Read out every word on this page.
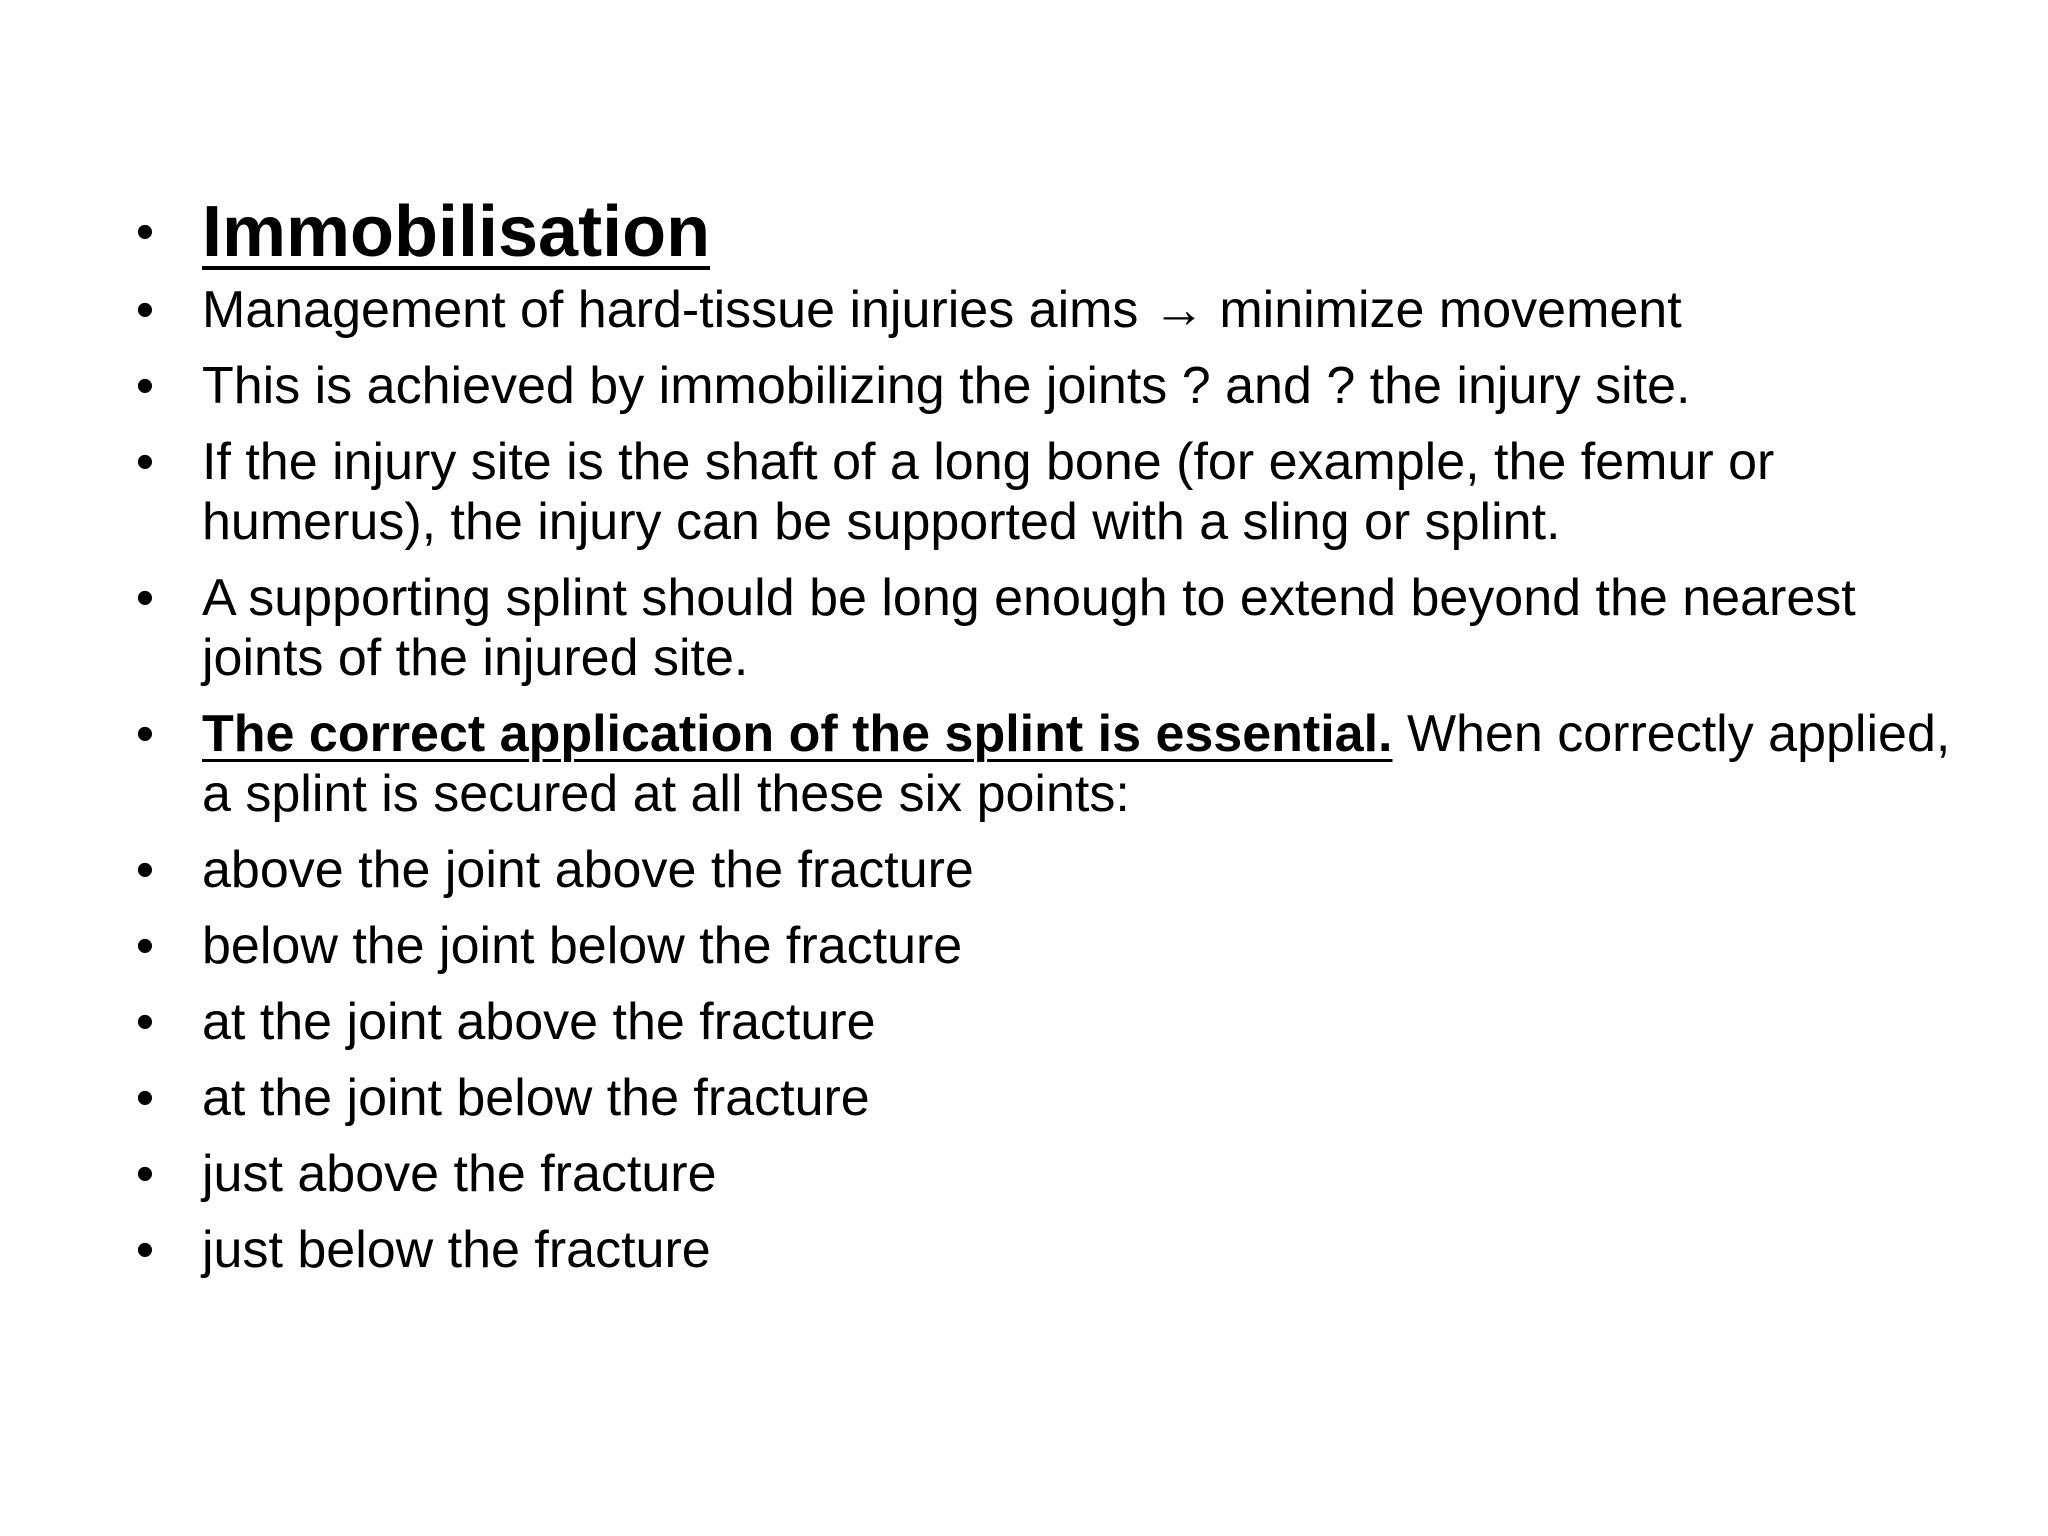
• Immobilisation
• Management of hard-tissue injuries aims → minimize movement
• This is achieved by immobilizing the joints ? and ? the injury site.
• If the injury site is the shaft of a long bone (for example, the femur or humerus), the injury can be supported with a sling or splint.
• A supporting splint should be long enough to extend beyond the nearest joints of the injured site.
• The correct application of the splint is essential. When correctly applied, a splint is secured at all these six points:
• above the joint above the fracture
• below the joint below the fracture
• at the joint above the fracture
• at the joint below the fracture
• just above the fracture
• just below the fracture
